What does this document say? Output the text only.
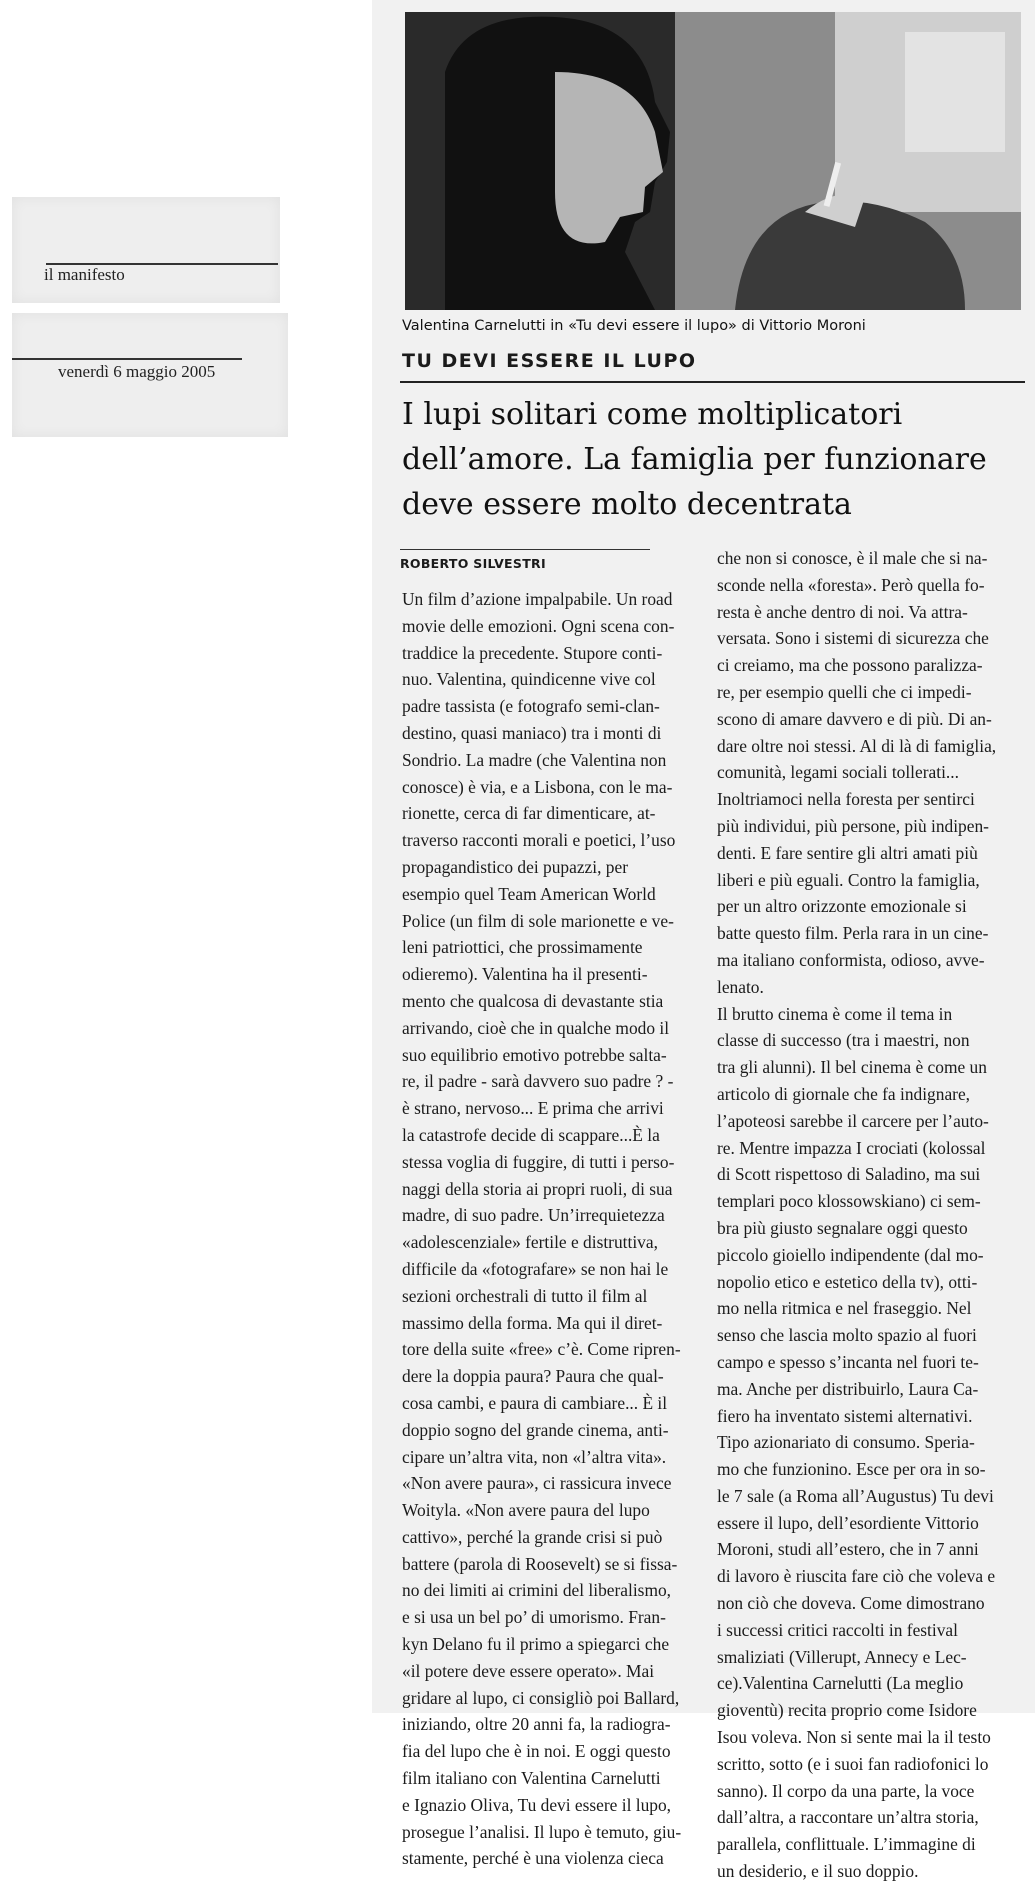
il manifesto
venerdì 6 maggio 2005
Valentina Carnelutti in «Tu devi essere il lupo» di Vittorio Moroni
TU DEVI ESSERE IL LUPO
I lupi solitari come moltiplicatori dell’amore. La famiglia per funzionare deve essere molto decentrata
ROBERTO SILVESTRI
Un film d’azione impalpabile. Un road
movie delle emozioni. Ogni scena con-
traddice la precedente. Stupore conti-
nuo. Valentina, quindicenne vive col
padre tassista (e fotografo semi-clan-
destino, quasi maniaco) tra i monti di
Sondrio. La madre (che Valentina non
conosce) è via, e a Lisbona, con le ma-
rionette, cerca di far dimenticare, at-
traverso racconti morali e poetici, l’uso
propagandistico dei pupazzi, per
esempio quel Team American World
Police (un film di sole marionette e ve-
leni patriottici, che prossimamente
odieremo). Valentina ha il presenti-
mento che qualcosa di devastante stia
arrivando, cioè che in qualche modo il
suo equilibrio emotivo potrebbe salta-
re, il padre - sarà davvero suo padre ? -
è strano, nervoso... E prima che arrivi
la catastrofe decide di scappare...È la
stessa voglia di fuggire, di tutti i perso-
naggi della storia ai propri ruoli, di sua
madre, di suo padre. Un’irrequietezza
«adolescenziale» fertile e distruttiva,
difficile da «fotografare» se non hai le
sezioni orchestrali di tutto il film al
massimo della forma. Ma qui il diret-
tore della suite «free» c’è. Come ripren-
dere la doppia paura? Paura che qual-
cosa cambi, e paura di cambiare... È il
doppio sogno del grande cinema, anti-
cipare un’altra vita, non «l’altra vita».
«Non avere paura», ci rassicura invece
Woityla. «Non avere paura del lupo
cattivo», perché la grande crisi si può
battere (parola di Roosevelt) se si fissa-
no dei limiti ai crimini del liberalismo,
e si usa un bel po’ di umorismo. Fran-
kyn Delano fu il primo a spiegarci che
«il potere deve essere operato». Mai
gridare al lupo, ci consigliò poi Ballard,
iniziando, oltre 20 anni fa, la radiogra-
fia del lupo che è in noi. E oggi questo
film italiano con Valentina Carnelutti
e Ignazio Oliva, Tu devi essere il lupo,
prosegue l’analisi. Il lupo è temuto, giu-
stamente, perché è una violenza cieca
che non si conosce, è il male che si na-
sconde nella «foresta». Però quella fo-
resta è anche dentro di noi. Va attra-
versata. Sono i sistemi di sicurezza che
ci creiamo, ma che possono paralizza-
re, per esempio quelli che ci impedi-
scono di amare davvero e di più. Di an-
dare oltre noi stessi. Al di là di famiglia,
comunità, legami sociali tollerati...
Inoltriamoci nella foresta per sentirci
più individui, più persone, più indipen-
denti. E fare sentire gli altri amati più
liberi e più eguali. Contro la famiglia,
per un altro orizzonte emozionale si
batte questo film. Perla rara in un cine-
ma italiano conformista, odioso, avve-
lenato.
Il brutto cinema è come il tema in
classe di successo (tra i maestri, non
tra gli alunni). Il bel cinema è come un
articolo di giornale che fa indignare,
l’apoteosi sarebbe il carcere per l’auto-
re. Mentre impazza I crociati (kolossal
di Scott rispettoso di Saladino, ma sui
templari poco klossowskiano) ci sem-
bra più giusto segnalare oggi questo
piccolo gioiello indipendente (dal mo-
nopolio etico e estetico della tv), otti-
mo nella ritmica e nel fraseggio. Nel
senso che lascia molto spazio al fuori
campo e spesso s’incanta nel fuori te-
ma. Anche per distribuirlo, Laura Ca-
fiero ha inventato sistemi alternativi.
Tipo azionariato di consumo. Speria-
mo che funzionino. Esce per ora in so-
le 7 sale (a Roma all’Augustus) Tu devi
essere il lupo, dell’esordiente Vittorio
Moroni, studi all’estero, che in 7 anni
di lavoro è riuscita fare ciò che voleva e
non ciò che doveva. Come dimostrano
i successi critici raccolti in festival
smaliziati (Villerupt, Annecy e Lec-
ce).Valentina Carnelutti (La meglio
gioventù) recita proprio come Isidore
Isou voleva. Non si sente mai la il testo
scritto, sotto (e i suoi fan radiofonici lo
sanno). Il corpo da una parte, la voce
dall’altra, a raccontare un’altra storia,
parallela, conflittuale. L’immagine di
un desiderio, e il suo doppio.
